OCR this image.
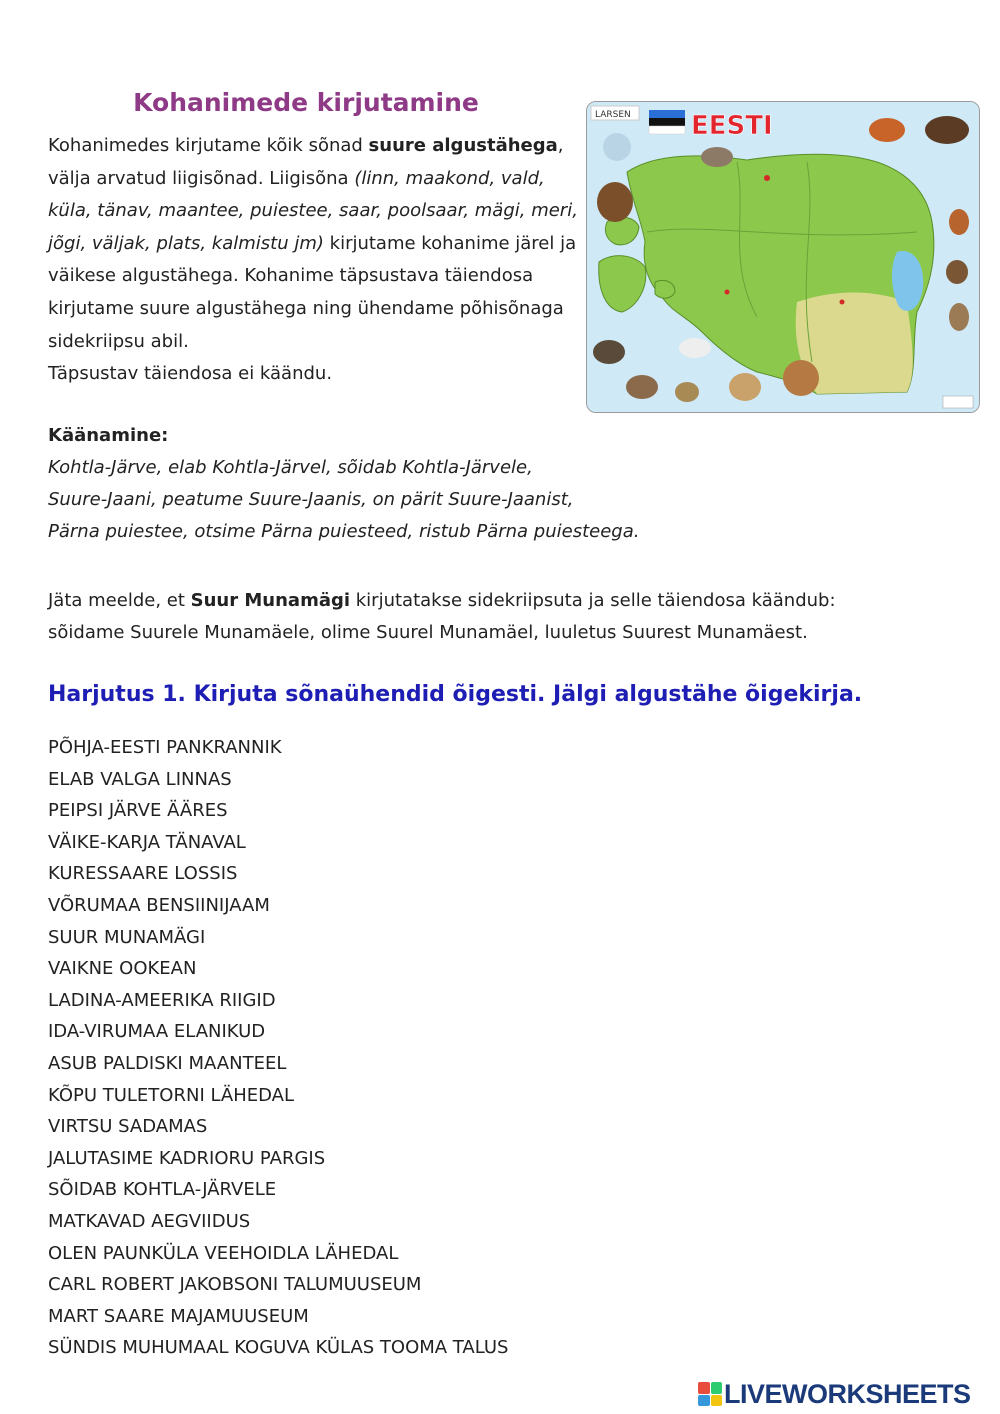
Kohanimede kirjutamine

Kohanimedes kirjutame kõik sõnad suure algustähega, välja arvatud liigisõnad. Liigisõna (linn, maakond, vald, küla, tänav, maantee, puiestee, saar, poolsaar, mägi, meri, jõgi, väljak, plats, kalmistu jm) kirjutame kohanime järel ja väikese algustähega. Kohanime täpsustava täiendosa kirjutame suure algustähega ning ühendame põhisõnaga sidekriipsu abil.
Täpsustav täiendosa ei käändu.

LARSEN EESTI

Käänamine:
Kohtla-Järve, elab Kohtla-Järvel, sõidab Kohtla-Järvele,
Suure-Jaani, peatume Suure-Jaanis, on pärit Suure-Jaanist,
Pärna puiestee, otsime Pärna puiesteed, ristub Pärna puiesteega.

Jäta meelde, et Suur Munamägi kirjutatakse sidekriipsuta ja selle täiendosa käändub:
sõidame Suurele Munamäele, olime Suurel Munamäel, luuletus Suurest Munamäest.

Harjutus 1. Kirjuta sõnaühendid õigesti. Jälgi algustähe õigekirja.
PÕHJA-EESTI PANKRANNIK
ELAB VALGA LINNAS
PEIPSI JÄRVE ÄÄRES
VÄIKE-KARJA TÄNAVAL
KURESSAARE LOSSIS
VÕRUMAA BENSIINIJAAM
SUUR MUNAMÄGI
VAIKNE OOKEAN
LADINA-AMEERIKA RIIGID
IDA-VIRUMAA ELANIKUD
ASUB PALDISKI MAANTEEL
KÕPU TULETORNI LÄHEDAL
VIRTSU SADAMAS
JALUTASIME KADRIORU PARGIS
SÕIDAB KOHTLA-JÄRVELE
MATKAVAD AEGVIIDUS
OLEN PAUNKÜLA VEEHOIDLA LÄHEDAL
CARL ROBERT JAKOBSONI TALUMUUSEUM
MART SAARE MAJAMUUSEUM
SÜNDIS MUHUMAAL KOGUVA KÜLAS TOOMA TALUS
LIVEWORKSHEETS
